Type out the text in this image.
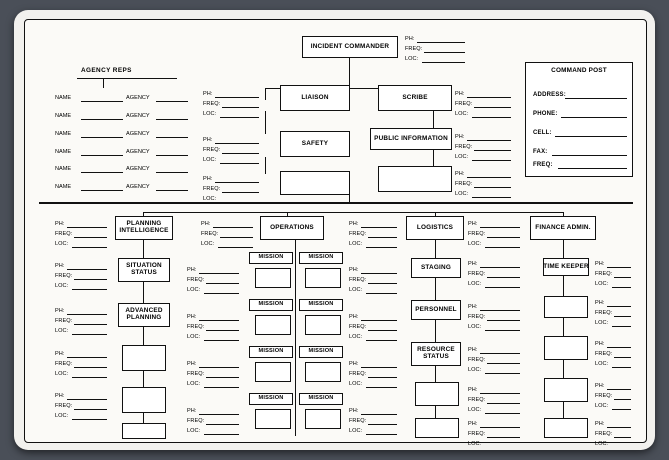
INCIDENT COMMANDER
PH:
FREQ:
LOC:
COMMAND POST
ADDRESS:
PHONE:
CELL:
FAX:
FREQ:
AGENCY REPS
NAME	AGENCY
NAME	AGENCY
NAME	AGENCY
NAME	AGENCY
NAME	AGENCY
NAME	AGENCY
LIAISON
PH:
FREQ:
LOC:
SCRIBE	PH:
FREQ:
LOC:
SAFETY
PH:
FREQ:
LOC:
PUBLIC INFORMATION	PH:
FREQ:
LOC:
PH:
FREQ:
LOC:
PH:
FREQ:
LOC:
PLANNING INTELLIGENCE
PH:
FREQ:
LOC:
OPERATIONS
PH:
FREQ:
LOC:
LOGISTICS
PH:
FREQ:
LOC:
FINANCE ADMIN.
PH:
FREQ:
LOC:
SITUATION STATUS
PH:
FREQ:
LOC:
ADVANCED PLANNING
PH:
FREQ:
LOC:
PH:
FREQ:
LOC:
PH:
FREQ:
LOC:
MISSION	MISSION
PH:
FREQ:
LOC:
PH:
FREQ:
LOC:
MISSION	MISSION
PH:
FREQ:
LOC:
PH:
FREQ:
LOC:
MISSION	MISSION
PH:
FREQ:
LOC:
PH:
FREQ:
LOC:
MISSION	MISSION
PH:
FREQ:
LOC:
PH:
FREQ:
LOC:
STAGING	PH:
FREQ:
LOC:
PERSONNEL	PH:
FREQ:
LOC:
RESOURCE STATUS
PH:
FREQ:
LOC:
PH:
FREQ:
LOC:
PH:
FREQ:
LOC:
TIME KEEPER PH:
FREQ:
LOC:
PH:
FREQ:
LOC:
PH:
FREQ:
LOC:
PH:
FREQ:
LOC:
PH:
FREQ:
LOC:
